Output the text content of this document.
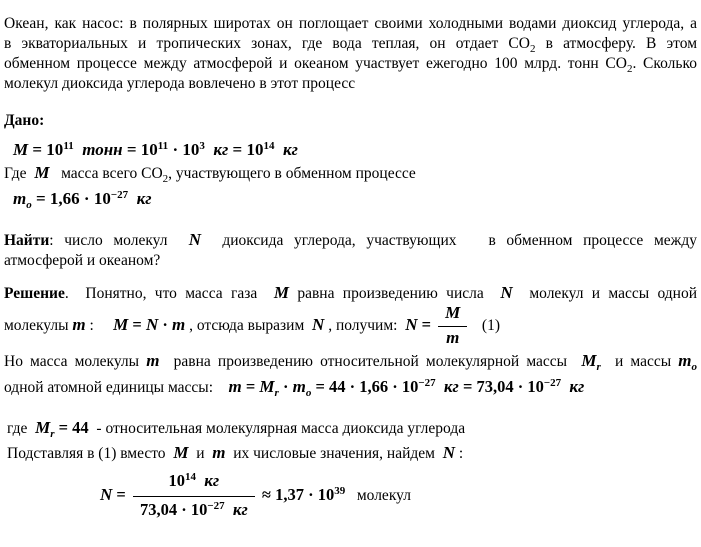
Океан, как насос: в полярных широтах он поглощает своими холодными водами диоксид углерода, а
в экваториальных и тропических зонах, где вода теплая, он отдает $CO_2$ в атмосферу. В этом
обменном процессе между атмосферой и океаном участвует ежегодно 100 млрд. тонн $CO_2$. Сколько
молекул диоксида углерода вовлечено в этот процесс
Дано:
$M = 10^{11}$ тонн = $10^{11} \cdot 10^3$ кг = $10^{14}$ кг
Где  M   масса всего $CO_2$, участвующего в обменном процессе
$m_o = 1,66 \cdot 10^{-27}$ кг
Найти: число молекул  N  диоксида углерода, участвующих   в обменном процессе между
атмосферой и океаном?
Решение.  Понятно, что масса газа  M равна произведению числа  N  молекул и массы одной
молекулы m :     M = N · m , отсюда выразим  N , получим:  $N = \frac{M}{m} (1)$
Но масса молекулы m  равна произведению относительной молекулярной массы  $M_r$  и массы $m_o$
одной атомной единицы массы:    $m = M_r \cdot m_o = 44 \cdot 1,66 \cdot 10^{-27}$ кг = $73,04 \cdot 10^{-27}$ кг
где  $M_r = 44$  - относительная молекулярная масса диоксида углерода
Подставляя в (1) вместо  M  и  m  их числовые значения, найдем  N :
$N = \frac{10^{14} кг}{73,04 \cdot 10^{-27} кг} \approx 1,37 \cdot 10^{39}$   молекул
